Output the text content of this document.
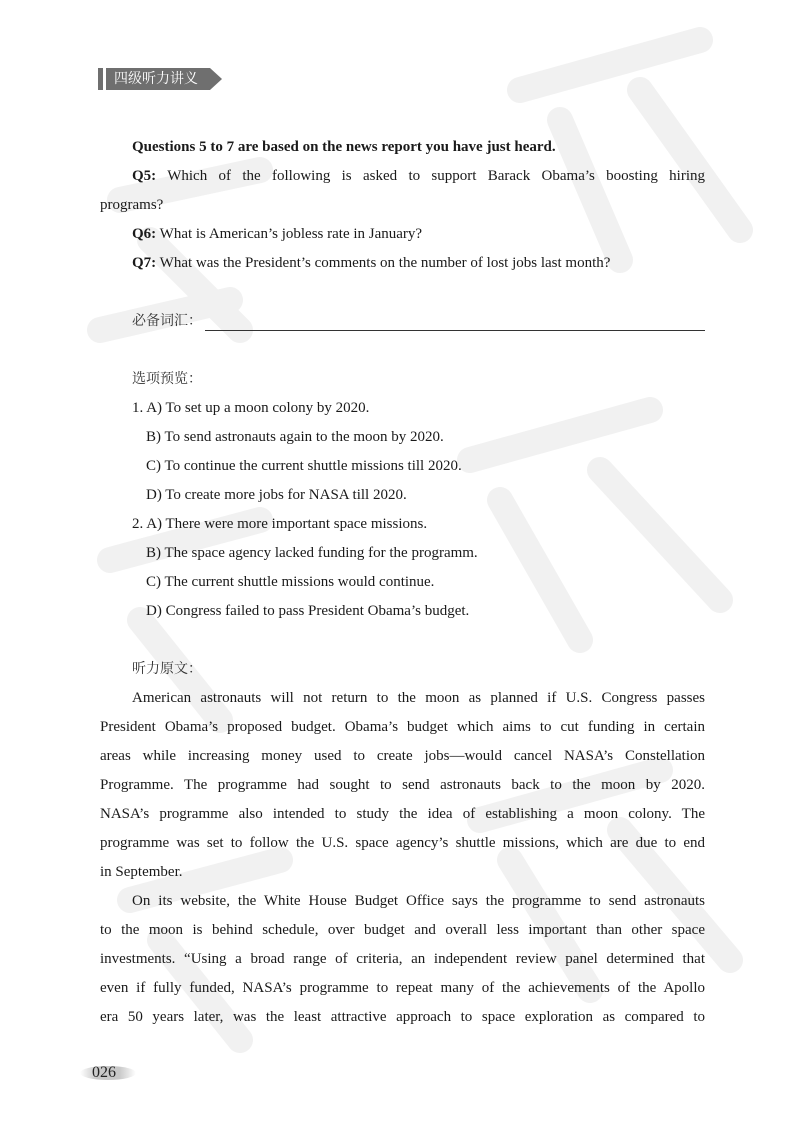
四级听力讲义
Questions 5 to 7 are based on the news report you have just heard.
Q5: Which of the following is asked to support Barack Obama’s boosting hiring
programs?
Q6: What is American’s jobless rate in January?
Q7: What was the President’s comments on the number of lost jobs last month?
必备词汇：
选项预览：
1. A) To set up a moon colony by 2020.
B) To send astronauts again to the moon by 2020.
C) To continue the current shuttle missions till 2020.
D) To create more jobs for NASA till 2020.
2. A) There were more important space missions.
B) The space agency lacked funding for the programm.
C) The current shuttle missions would continue.
D) Congress failed to pass President Obama’s budget.
听力原文：
American astronauts will not return to the moon as planned if U.S. Congress passes
President Obama’s proposed budget. Obama’s budget which aims to cut funding in certain
areas while increasing money used to create jobs—would cancel NASA’s Constellation
Programme. The programme had sought to send astronauts back to the moon by 2020.
NASA’s programme also intended to study the idea of establishing a moon colony. The
programme was set to follow the U.S. space agency’s shuttle missions, which are due to end
in September.
On its website, the White House Budget Office says the programme to send astronauts
to the moon is behind schedule, over budget and overall less important than other space
investments. “Using a broad range of criteria, an independent review panel determined that
even if fully funded, NASA’s programme to repeat many of the achievements of the Apollo
era 50 years later, was the least attractive approach to space exploration as compared to
026
